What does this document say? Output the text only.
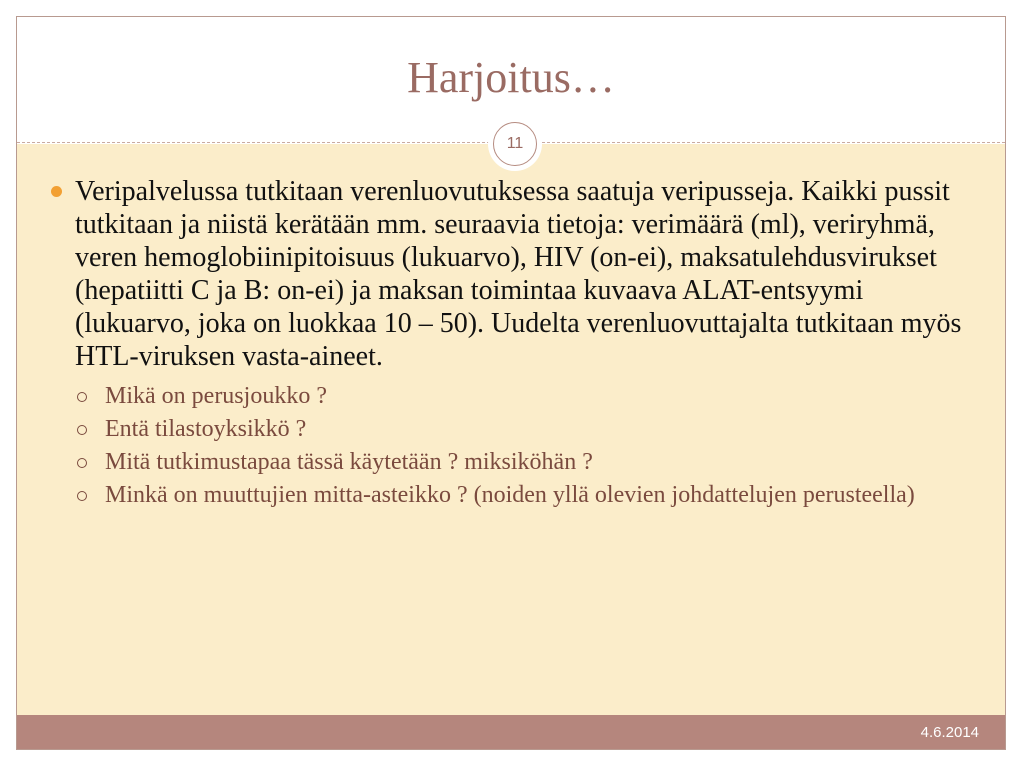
Harjoitus…
11

Veripalvelussa tutkitaan verenluovutuksessa saatuja veripusseja. Kaikki pussit tutkitaan ja niistä kerätään mm. seuraavia tietoja: verimäärä (ml), veriryhmä, veren hemoglobiinipitoisuus (lukuarvo), HIV (on-ei), maksatulehdusvirukset (hepatiitti C ja B: on-ei) ja maksan toimintaa kuvaava ALAT-entsyymi (lukuarvo, joka on luokkaa 10 – 50). Uudelta verenluovuttajalta tutkitaan myös HTL-viruksen vasta-aineet.

Mikä on perusjoukko ?
Entä tilastoyksikkö ?
Mitä tutkimustapaa tässä käytetään ? miksiköhän ?
Minkä on muuttujien mitta-asteikko ? (noiden yllä olevien johdattelujen perusteella)
4.6.2014
